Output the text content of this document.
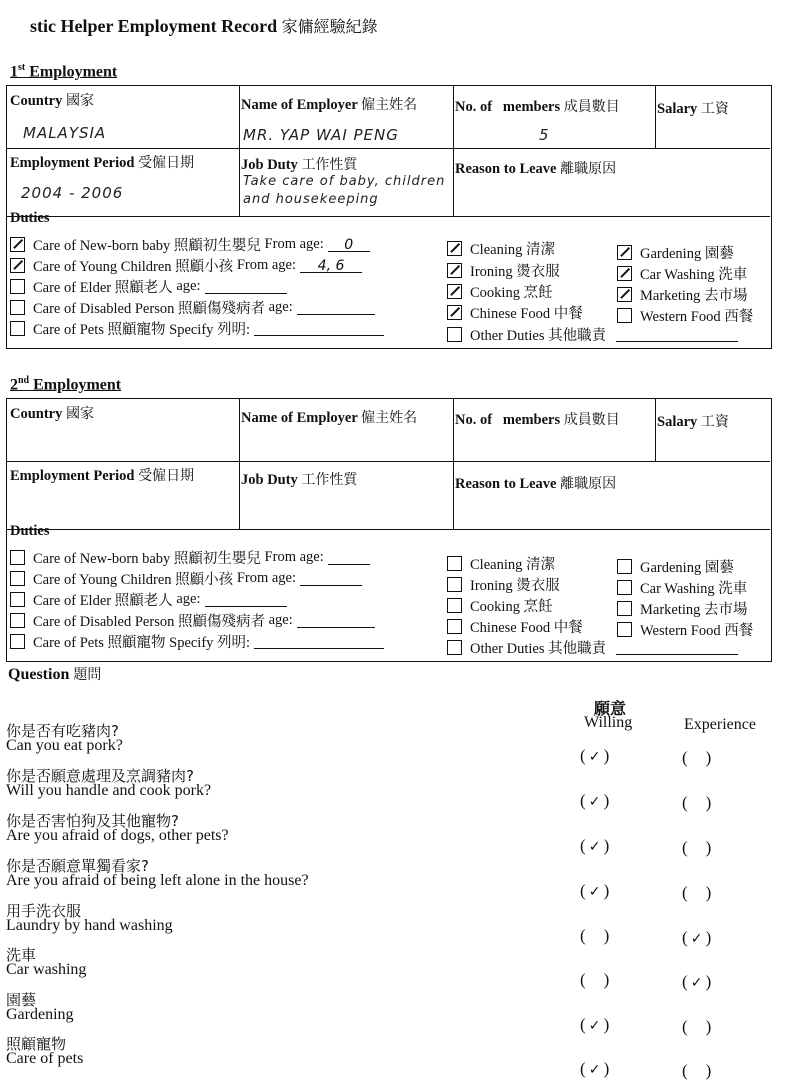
stic Helper Employment Record 家傭經驗紀錄
1st Employment
Country 國家	Name of Employer 僱主姓名	No. of   members 成員數目	Salary 工資
MALAYSIA	MR. YAP WAI PENG	5
Employment Period 受僱日期	Job Duty 工作性質	Reason to Leave 離職原因
2004 - 2006
Take care of baby, children
and housekeeping
Duties
Care of New-born baby 照顧初生嬰兒
From age:	0
Care of Young Children 照顧小孩
From age:	4, 6
Care of Elder 照顧老人
age:
Care of Disabled Person 照顧傷殘病者
age:
Care of Pets 照顧寵物
Specify 列明:
Cleaning 清潔
Ironing 燙衣服
Cooking 烹飪
Chinese Food 中餐
Other Duties 其他職責
Gardening 園藝
Car Washing 洗車
Marketing 去市場
Western Food 西餐
2nd Employment
Country 國家	Name of Employer 僱主姓名	No. of   members 成員數目	Salary 工資
Employment Period 受僱日期	Job Duty 工作性質	Reason to Leave 離職原因
Duties
Care of New-born baby 照顧初生嬰兒
From age:
Care of Young Children 照顧小孩
From age:
Care of Elder 照顧老人
age:
Care of Disabled Person 照顧傷殘病者
age:
Care of Pets 照顧寵物
Specify 列明:
Cleaning 清潔
Ironing 燙衣服
Cooking 烹飪
Chinese Food 中餐
Other Duties 其他職責
Gardening 園藝
Car Washing 洗車
Marketing 去市場
Western Food 西餐
Question 題問
願意
Willing	Experience
你是否有吃豬肉?
Can you eat pork?
( ✓ )	( )
你是否願意處理及烹調豬肉?
Will you handle and cook pork?
( ✓ )	( )
你是否害怕狗及其他寵物?
Are you afraid of dogs, other pets?
( ✓ )	( )
你是否願意單獨看家?
Are you afraid of being left alone in the house?
( ✓ )	( )
用手洗衣服
Laundry by hand washing
( )	( ✓ )
洗車
Car washing
( )	( ✓ )
園藝
Gardening
( ✓ )	( )
照顧寵物
Care of pets
( ✓ )	( )
